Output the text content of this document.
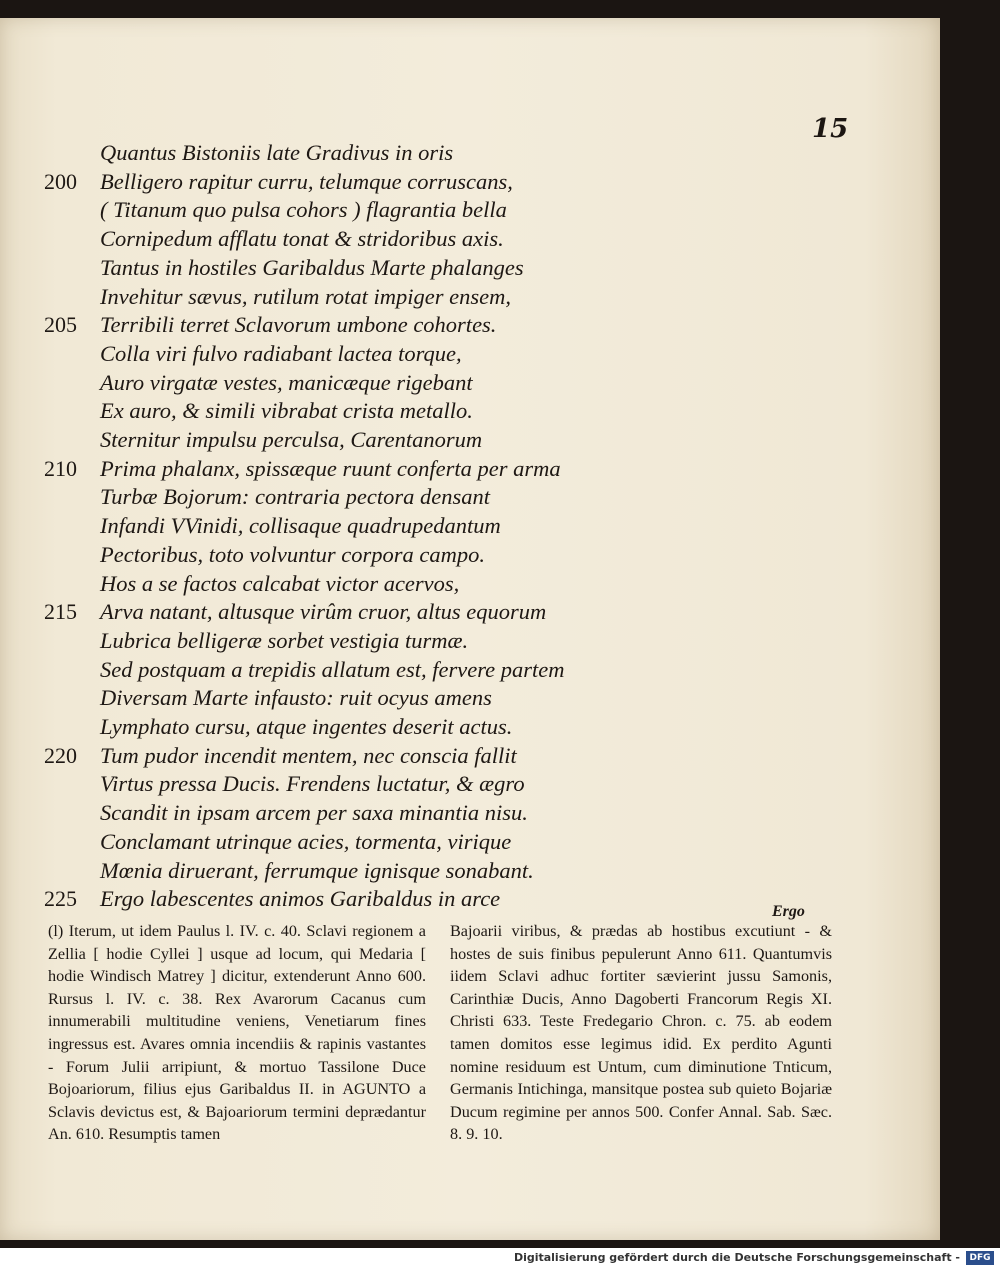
15
Quantus Bistoniis late Gradivus in oris
Belligero rapitur curru, telumque corruscans,
200
( Titanum quo pulsa cohors ) flagrantia bella
Cornipedum afflatu tonat & stridoribus axis.
Tantus in hostiles Garibaldus Marte phalanges
Invehitur sævus, rutilum rotat impiger ensem,
Terribili terret Sclavorum umbone cohortes.
205
Colla viri fulvo radiabant lactea torque,
Auro virgatæ vestes, manicæque rigebant
Ex auro, & simili vibrabat crista metallo.
Sternitur impulsu perculsa, Carentanorum
Prima phalanx, spissæque ruunt conferta per arma
210
Turbæ Bojorum: contraria pectora densant
Infandi VVinidi, collisaque quadrupedantum
Pectoribus, toto volvuntur corpora campo.
Hos a se factos calcabat victor acervos,
Arva natant, altusque virûm cruor, altus equorum
215
Lubrica belligeræ sorbet vestigia turmæ.
Sed postquam a trepidis allatum est, fervere partem
Diversam Marte infausto: ruit ocyus amens
Lymphato cursu, atque ingentes deserit actus.
Tum pudor incendit mentem, nec conscia fallit
220
Virtus pressa Ducis. Frendens luctatur, & ægro
Scandit in ipsam arcem per saxa minantia nisu.
Conclamant utrinque acies, tormenta, virique
Mœnia diruerant, ferrumque ignisque sonabant.
Ergo labescentes animos Garibaldus in arce
225
Ergo

(l) Iterum, ut idem Paulus l. IV. c. 40. Sclavi regionem a Zellia [ hodie Cyllei ] usque ad locum, qui Medaria [ hodie Windisch Matrey ] dicitur, extenderunt Anno 600. Rursus l. IV. c. 38. Rex Avarorum Cacanus cum innumerabili multitudine veniens, Venetiarum fines ingressus est. Avares omnia incendiis & rapinis vastantes - Forum Julii arripiunt, & mortuo Tassilone Duce Bojoariorum, filius ejus Garibaldus II. in AGUNTO a Sclavis devictus est, & Bajoariorum termini deprædantur An. 610. Resumptis tamen

Bajoarii viribus, & prædas ab hostibus excutiunt - & hostes de suis finibus pepulerunt Anno 611. Quantumvis iidem Sclavi adhuc fortiter sævierint jussu Samonis, Carinthiæ Ducis, Anno Dagoberti Francorum Regis XI. Christi 633. Teste Fredegario Chron. c. 75. ab eodem tamen domitos esse legimus idid. Ex perdito Agunti nomine residuum est Untum, cum diminutione Tnticum, Germanis Intichinga, mansitque postea sub quieto Bojariæ Ducum regimine per annos 500. Confer Annal. Sab. Sæc. 8. 9. 10.

Digitalisierung gefördert durch die Deutsche Forschungsgemeinschaft -	DFG
